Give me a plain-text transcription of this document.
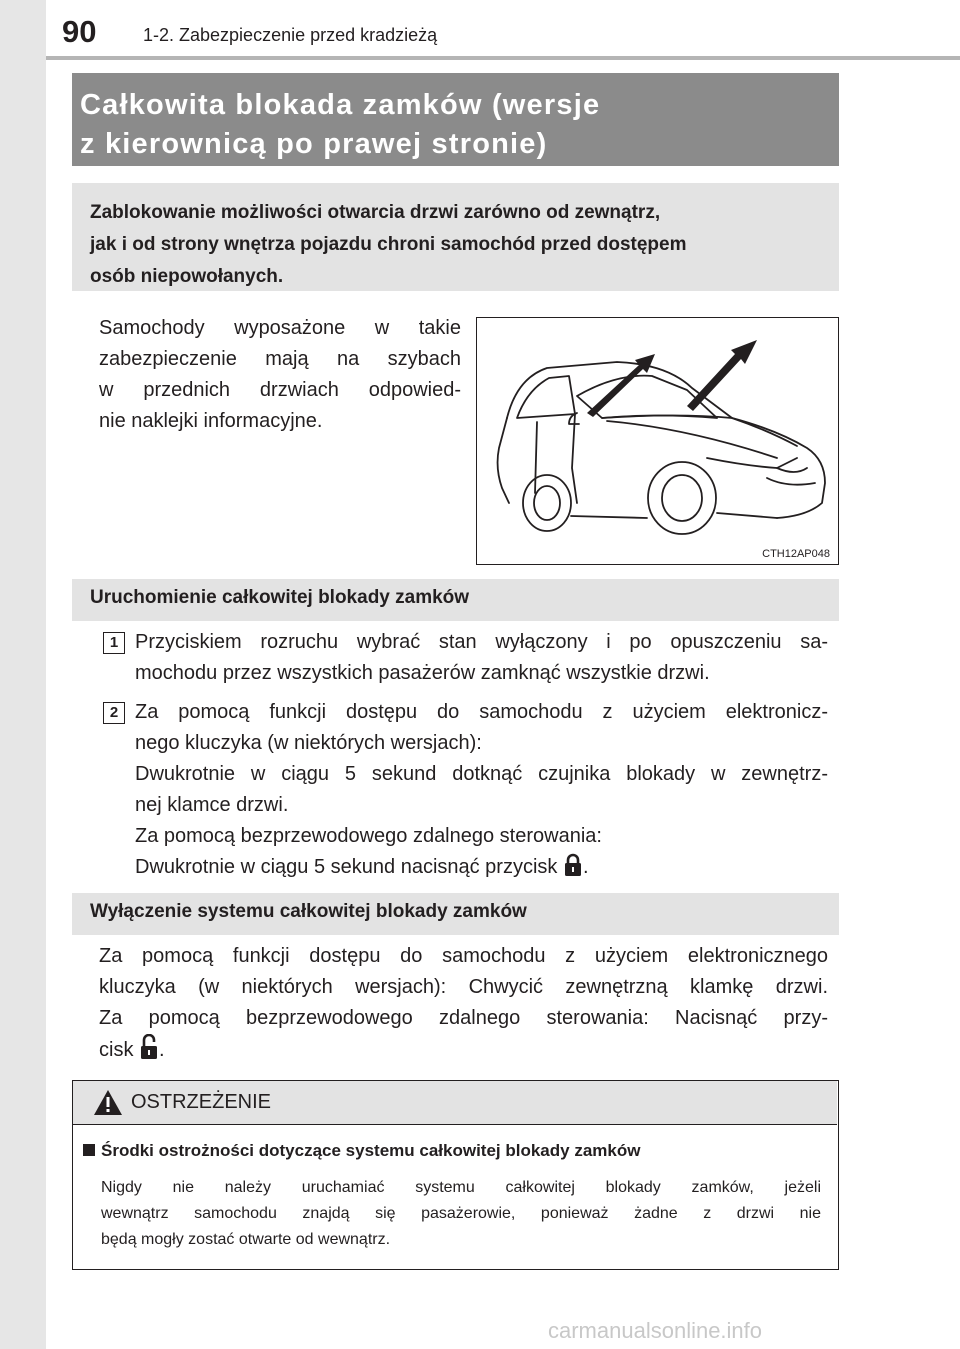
90	1-2. Zabezpieczenie przed kradzieżą
Całkowita blokada zamków (wersje
z kierownicą po prawej stronie)
Zablokowanie możliwości otwarcia drzwi zarówno od zewnątrz,
jak i od strony wnętrza pojazdu chroni samochód przed dostępem
osób niepowołanych.
Samochody wyposażone w takie
zabezpieczenie mają na szybach
w przednich drzwiach odpowied-
nie naklejki informacyjne.
CTH12AP048
Uruchomienie całkowitej blokady zamków
1 Przyciskiem rozruchu wybrać stan wyłączony i po opuszczeniu sa-
mochodu przez wszystkich pasażerów zamknąć wszystkie drzwi.
2 Za pomocą funkcji dostępu do samochodu z użyciem elektronicz-
nego kluczyka (w niektórych wersjach):
Dwukrotnie w ciągu 5 sekund dotknąć czujnika blokady w zewnętrz-
nej klamce drzwi.
Za pomocą bezprzewodowego zdalnego sterowania:
Dwukrotnie w ciągu 5 sekund nacisnąć przycisk .
Wyłączenie systemu całkowitej blokady zamków
Za pomocą funkcji dostępu do samochodu z użyciem elektronicznego
kluczyka (w niektórych wersjach): Chwycić zewnętrzną klamkę drzwi.
Za pomocą bezprzewodowego zdalnego sterowania: Nacisnąć przy-
cisk .
OSTRZEŻENIE
Środki ostrożności dotyczące systemu całkowitej blokady zamków
Nigdy nie należy uruchamiać systemu całkowitej blokady zamków, jeżeli
wewnątrz samochodu znajdą się pasażerowie, ponieważ żadne z drzwi nie
będą mogły zostać otwarte od wewnątrz.
carmanualsonline.info
